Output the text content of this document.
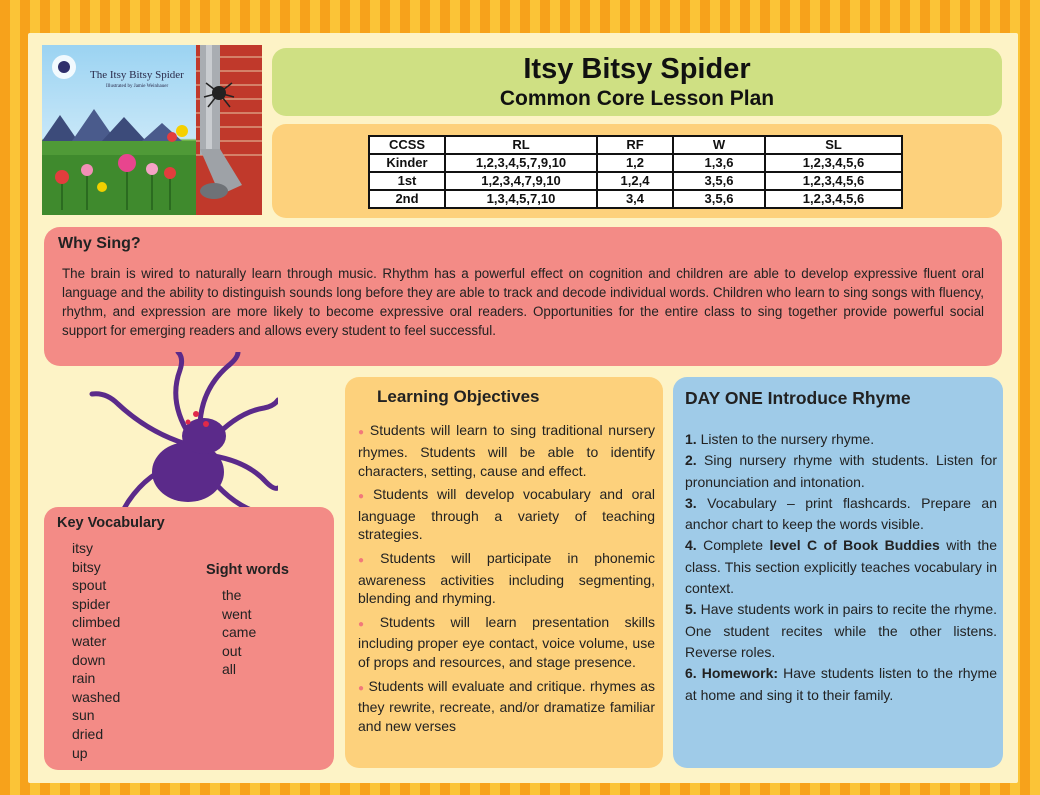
The Itsy Bitsy Spider
Illustrated by Jamie Weinhauer
Itsy Bitsy Spider
Common Core Lesson Plan
CCSS	RL	RF	W	SL
Kinder	1,2,3,4,5,7,9,10	1,2	1,3,6	1,2,3,4,5,6
1st	1,2,3,4,7,9,10	1,2,4	3,5,6	1,2,3,4,5,6
2nd	1,3,4,5,7,10	3,4	3,5,6	1,2,3,4,5,6
Why Sing?

The brain is wired to naturally learn through music. Rhythm has a powerful effect on cognition and children are able to develop expressive fluent oral language and the ability to distinguish sounds long before they are able to track and decode individual words. Children who learn to sing songs with fluency, rhythm, and expression are more likely to become expressive oral readers. Opportunities for the entire class to sing together provide powerful social support for emerging readers and allows every student to feel successful.

Key Vocabulary
itsy
bitsy
spout
spider
climbed
water
down
rain
washed
sun
dried
up
Sight words
the
went
came
out
all
Learning Objectives
● Students will learn to sing traditional nursery rhymes. Students will be able to identify characters, setting, cause and effect.
● Students will develop vocabulary and oral language through a variety of teaching strategies.
● Students will participate in phonemic awareness activities including segmenting, blending and rhyming.
● Students will learn presentation skills including proper eye contact, voice volume, use of props and resources, and stage presence.
● Students will evaluate and critique. rhymes as they rewrite, recreate, and/or dramatize familiar and new verses
DAY ONE Introduce Rhyme
1. Listen to the nursery rhyme.
2. Sing nursery rhyme with students. Listen for pronunciation and intonation.
3. Vocabulary – print flashcards. Prepare an anchor chart to keep the words visible.
4. Complete level C of Book Buddies with the class. This section explicitly teaches vocabulary in context.
5. Have students work in pairs to recite the rhyme. One student recites while the other listens. Reverse roles.
6. Homework: Have students listen to the rhyme at home and sing it to their family.
